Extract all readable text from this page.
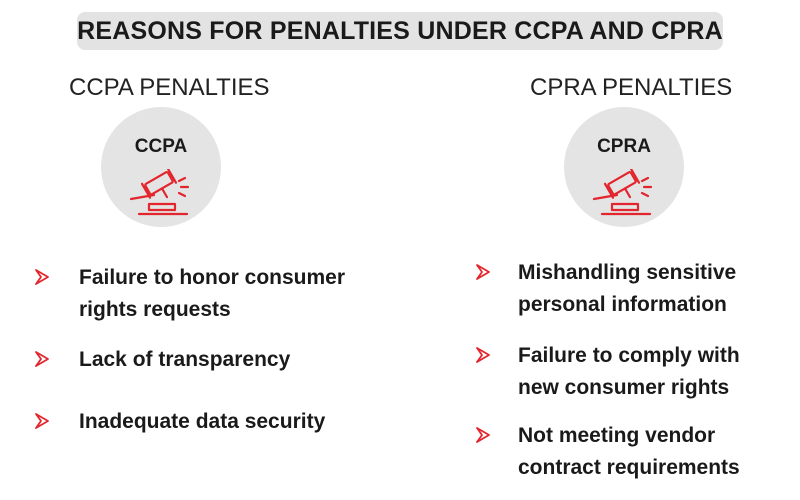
REASONS FOR PENALTIES UNDER CCPA AND CPRA
CCPA PENALTIES
CCPA
Failure to honor consumer
rights requests
Lack of transparency
Inadequate data security
CPRA PENALTIES
CPRA
Mishandling sensitive
personal information
Failure to comply with
new consumer rights
Not meeting vendor
contract requirements
